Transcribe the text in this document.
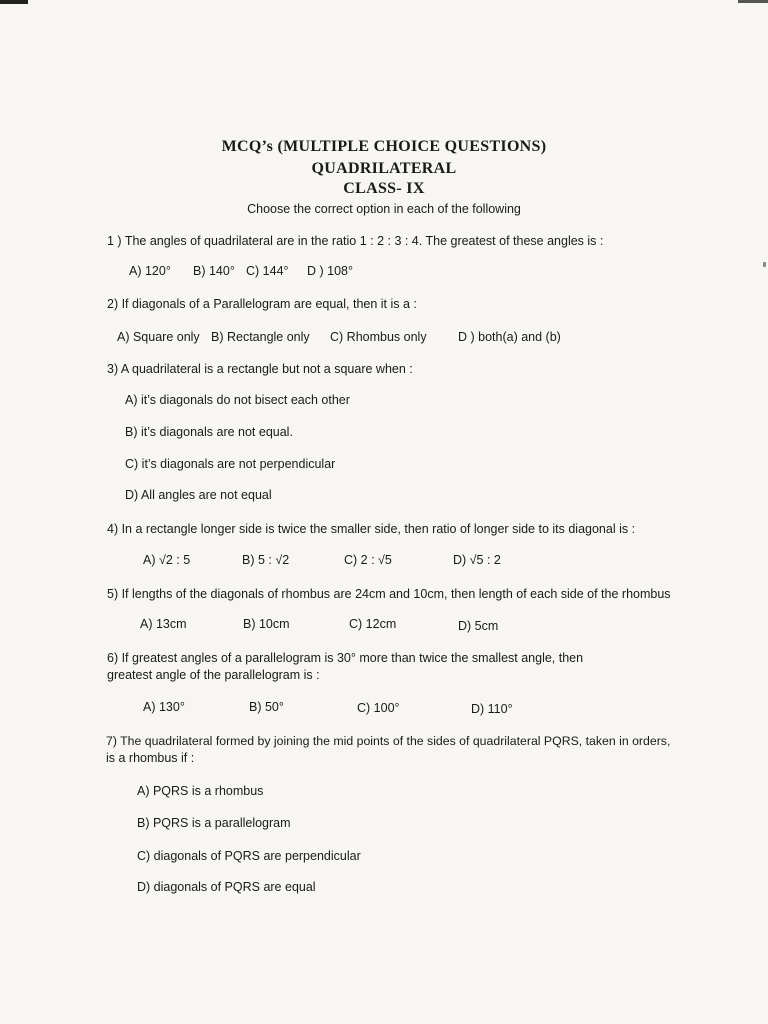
MCQ’s (MULTIPLE CHOICE QUESTIONS)
QUADRILATERAL
CLASS- IX
Choose the correct option in each of the following
1 ) The angles of quadrilateral are in the ratio 1 : 2 : 3 : 4. The greatest of these angles is :
A) 120° B) 140° C) 144° D ) 108°
2) If diagonals of a Parallelogram are equal, then it is a :
A) Square only B) Rectangle only C) Rhombus only	D ) both(a) and (b)
3) A quadrilateral is a rectangle but not a square when :
A) it’s diagonals do not bisect each other
B) it’s diagonals are not equal.
C) it’s diagonals are not perpendicular
D) All angles are not equal
4) In a rectangle longer side is twice the smaller side, then ratio of longer side to its diagonal is :
A) √2 : 5	B) 5 : √2	C) 2 : √5	D) √5 : 2
5) If lengths of the diagonals of rhombus are 24cm and 10cm, then length of each side of the rhombus
A) 13cm	B) 10cm	C) 12cm	D) 5cm
6) If greatest angles of a parallelogram is 30° more than twice the smallest angle, then
greatest angle of the parallelogram is :
A) 130°	B) 50°	C) 100°	D) 110°
7) The quadrilateral formed by joining the mid points of the sides of quadrilateral PQRS, taken in orders,
is a rhombus if :
A) PQRS is a rhombus
B) PQRS is a parallelogram
C) diagonals of PQRS are perpendicular
D) diagonals of PQRS are equal
